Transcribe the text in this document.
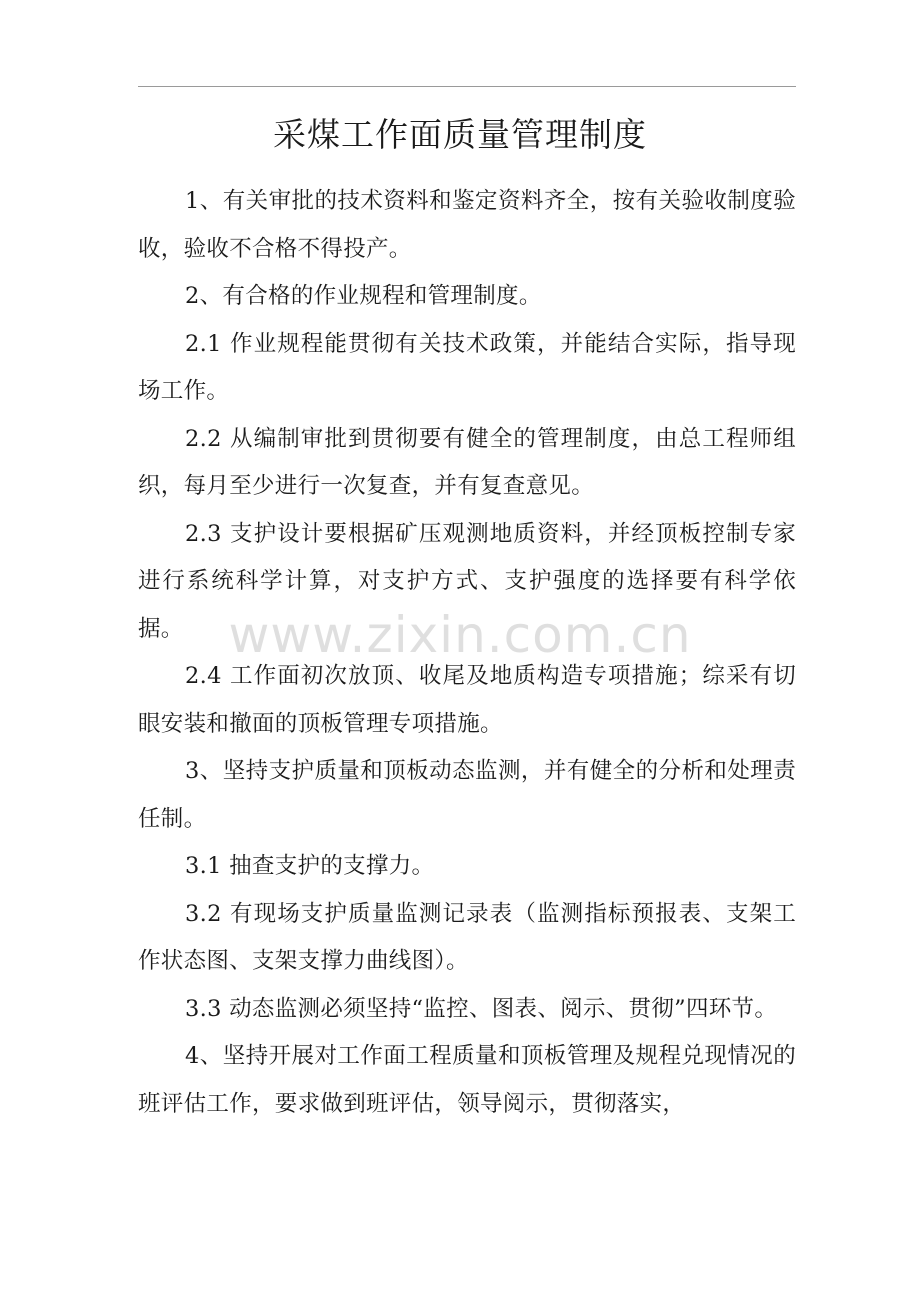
采煤工作面质量管理制度

1、有关审批的技术资料和鉴定资料齐全，按有关验收制度验收，验收不合格不得投产。

2、有合格的作业规程和管理制度。

2.1 作业规程能贯彻有关技术政策，并能结合实际，指导现场工作。

2.2 从编制审批到贯彻要有健全的管理制度，由总工程师组织，每月至少进行一次复查，并有复查意见。

2.3 支护设计要根据矿压观测地质资料，并经顶板控制专家进行系统科学计算，对支护方式、支护强度的选择要有科学依据。

2.4 工作面初次放顶、收尾及地质构造专项措施；综采有切眼安装和撤面的顶板管理专项措施。

3、坚持支护质量和顶板动态监测，并有健全的分析和处理责任制。

3.1 抽查支护的支撑力。

3.2 有现场支护质量监测记录表（监测指标预报表、支架工作状态图、支架支撑力曲线图）。

3.3 动态监测必须坚持“监控、图表、阅示、贯彻”四环节。

4、坚持开展对工作面工程质量和顶板管理及规程兑现情况的班评估工作，要求做到班评估，领导阅示，贯彻落实，

www.zixin.com.cn
